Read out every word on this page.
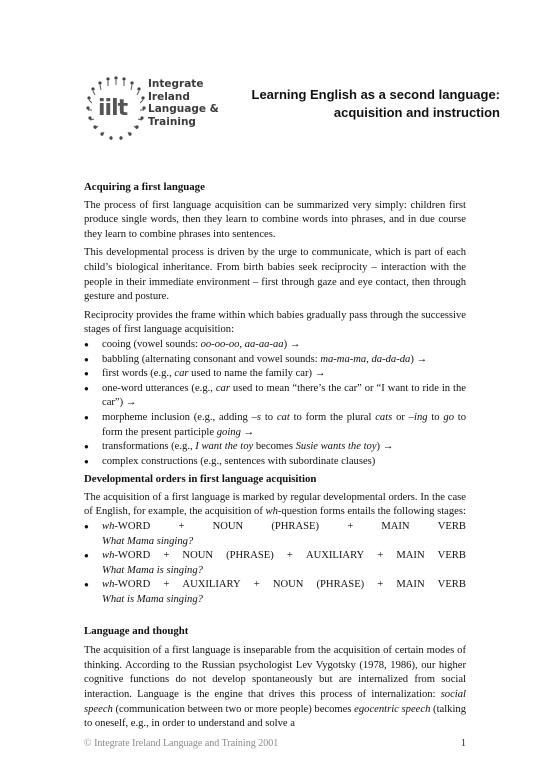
iilt
Integrate
Ireland
Language &
Training
Learning English as a second language:
acquisition and instruction
Acquiring a first language

The process of first language acquisition can be summarized very simply: children first produce single words, then they learn to combine words into phrases, and in due course they learn to combine phrases into sentences.

This developmental process is driven by the urge to communicate, which is part of each child’s biological inheritance. From birth babies seek reciprocity – interaction with the people in their immediate environment – first through gaze and eye contact, then through gesture and posture.

Reciprocity provides the frame within which babies gradually pass through the successive stages of first language acquisition:

● cooing (vowel sounds: oo-oo-oo, aa-aa-aa) →
● babbling (alternating consonant and vowel sounds: ma-ma-ma, da-da-da) →
● first words (e.g., car used to name the family car) →
● one-word utterances (e.g., car used to mean “there’s the car” or “I want to ride in the car”) →
● morpheme inclusion (e.g., adding –s to cat to form the plural cats or –ing to go to form the present participle going →
● transformations (e.g., I want the toy becomes Susie wants the toy) →
● complex constructions (e.g., sentences with subordinate clauses)
Developmental orders in first language acquisition

The acquisition of a first language is marked by regular developmental orders. In the case of English, for example, the acquisition of wh-question forms entails the following stages:

● wh-WORD	+	NOUN	(PHRASE)	+	MAIN	VERB
What Mama singing?
● wh-WORD + NOUN (PHRASE) + AUXILIARY + MAIN VERB
What Mama is singing?
● wh-WORD + AUXILIARY + NOUN (PHRASE) + MAIN VERB
What is Mama singing?
Language and thought

The acquisition of a first language is inseparable from the acquisition of certain modes of thinking. According to the Russian psychologist Lev Vygotsky (1978, 1986), our higher cognitive functions do not develop spontaneously but are internalized from social interaction. Language is the engine that drives this process of internalization: social speech (communication between two or more people) becomes egocentric speech (talking to oneself, e.g., in order to understand and solve a

© Integrate Ireland Language and Training 2001	1
